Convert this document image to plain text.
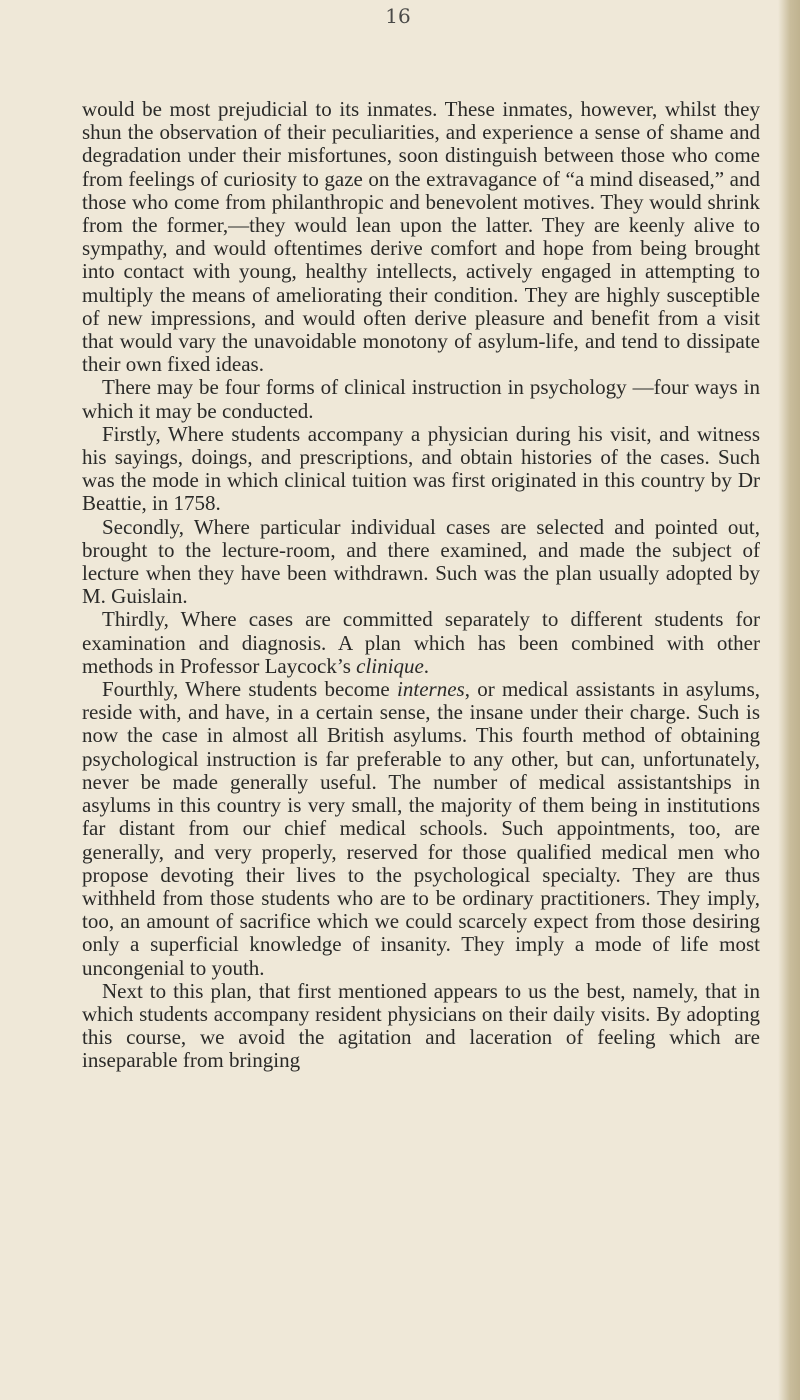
16

would be most prejudicial to its inmates. These inmates, however, whilst they shun the observation of their peculiarities, and experience a sense of shame and degradation under their misfortunes, soon distinguish between those who come from feelings of curiosity to gaze on the extravagance of “a mind diseased,” and those who come from philanthropic and benevolent motives. They would shrink from the former,—they would lean upon the latter. They are keenly alive to sympathy, and would oftentimes derive comfort and hope from being brought into contact with young, healthy intellects, actively engaged in attempting to multiply the means of ameliorating their condition. They are highly susceptible of new impressions, and would often derive pleasure and benefit from a visit that would vary the unavoidable monotony of asylum-life, and tend to dissipate their own fixed ideas.

There may be four forms of clinical instruction in psychology —four ways in which it may be conducted.

Firstly, Where students accompany a physician during his visit, and witness his sayings, doings, and prescriptions, and obtain histories of the cases. Such was the mode in which clinical tuition was first originated in this country by Dr Beattie, in 1758.

Secondly, Where particular individual cases are selected and pointed out, brought to the lecture-room, and there examined, and made the subject of lecture when they have been withdrawn. Such was the plan usually adopted by M. Guislain.

Thirdly, Where cases are committed separately to different students for examination and diagnosis. A plan which has been combined with other methods in Professor Laycock’s clinique.

Fourthly, Where students become internes, or medical assistants in asylums, reside with, and have, in a certain sense, the insane under their charge. Such is now the case in almost all British asylums. This fourth method of obtaining psychological instruction is far preferable to any other, but can, unfortunately, never be made generally useful. The number of medical assistantships in asylums in this country is very small, the majority of them being in institutions far distant from our chief medical schools. Such appointments, too, are generally, and very properly, reserved for those qualified medical men who propose devoting their lives to the psychological specialty. They are thus withheld from those students who are to be ordinary practitioners. They imply, too, an amount of sacrifice which we could scarcely expect from those desiring only a superficial knowledge of insanity. They imply a mode of life most uncongenial to youth.

Next to this plan, that first mentioned appears to us the best, namely, that in which students accompany resident physicians on their daily visits. By adopting this course, we avoid the agitation and laceration of feeling which are inseparable from bringing
